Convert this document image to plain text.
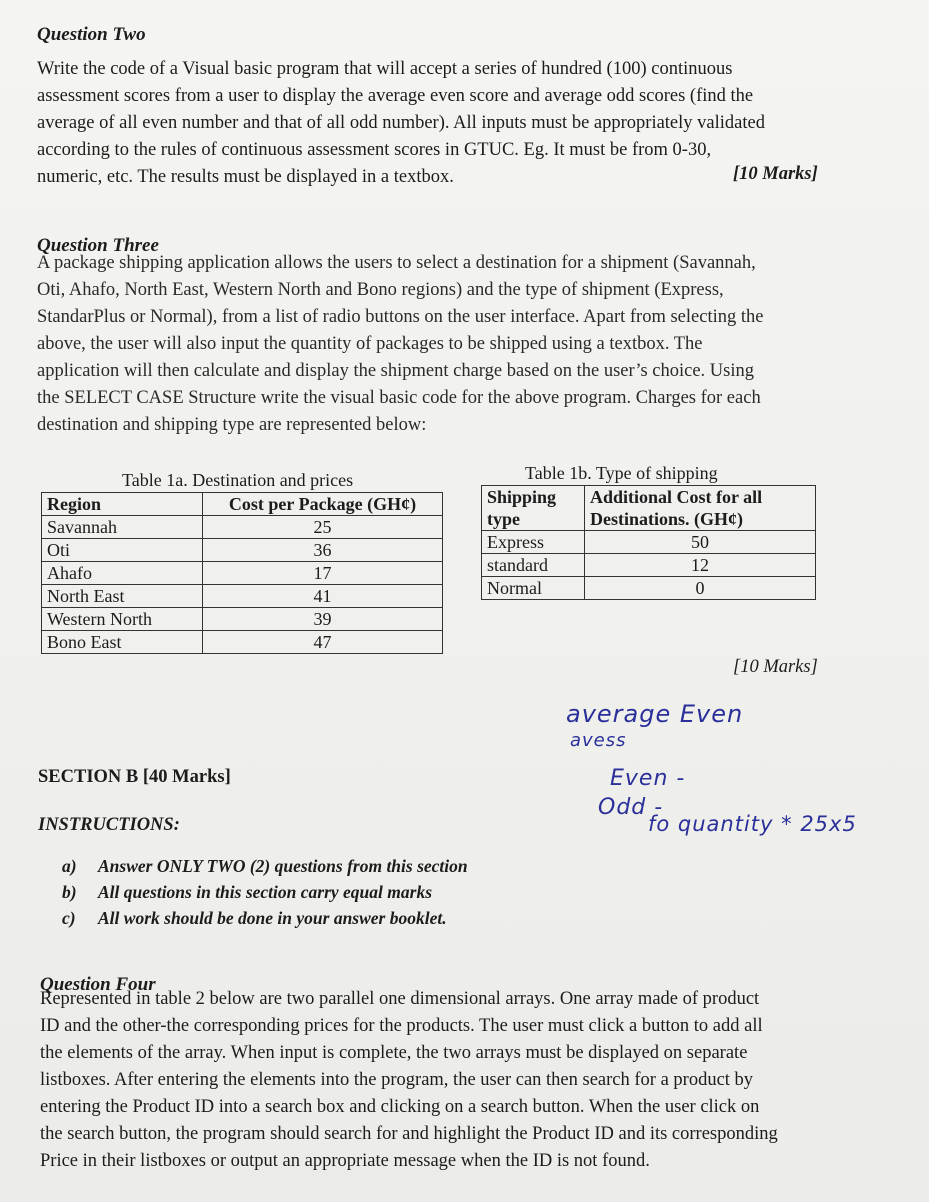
Question Two
Write the code of a Visual basic program that will accept a series of hundred (100) continuous
assessment scores from a user to display the average even score and average odd scores (find the
average of all even number and that of all odd number). All inputs must be appropriately validated
according to the rules of continuous assessment scores in GTUC. Eg. It must be from 0-30,
numeric, etc. The results must be displayed in a textbox.	[10 Marks]
Question Three
A package shipping application allows the users to select a destination for a shipment (Savannah,
Oti, Ahafo, North East, Western North and Bono regions) and the type of shipment (Express,
StandarPlus or Normal), from a list of radio buttons on the user interface. Apart from selecting the
above, the user will also input the quantity of packages to be shipped using a textbox. The
application will then calculate and display the shipment charge based on the user’s choice. Using
the SELECT CASE Structure write the visual basic code for the above program. Charges for each
destination and shipping type are represented below:
Table 1a. Destination and prices
Region	Cost per Package (GH¢)
Savannah	25
Oti	36
Ahafo	17
North East	41
Western North	39
Bono East	47
Table 1b. Type of shipping
Shipping type	Additional Cost for all Destinations. (GH¢)
Express	50
standard	12
Normal	0
[10 Marks]
average Even
avess
Even -
Odd -
fo quantity * 25x5
SECTION B [40 Marks]
INSTRUCTIONS:
a)	Answer ONLY TWO (2) questions from this section
b)	All questions in this section carry equal marks
c)	All work should be done in your answer booklet.
Question Four
Represented in table 2 below are two parallel one dimensional arrays. One array made of product
ID and the other-the corresponding prices for the products. The user must click a button to add all
the elements of the array. When input is complete, the two arrays must be displayed on separate
listboxes. After entering the elements into the program, the user can then search for a product by
entering the Product ID into a search box and clicking on a search button. When the user click on
the search button, the program should search for and highlight the Product ID and its corresponding
Price in their listboxes or output an appropriate message when the ID is not found.
